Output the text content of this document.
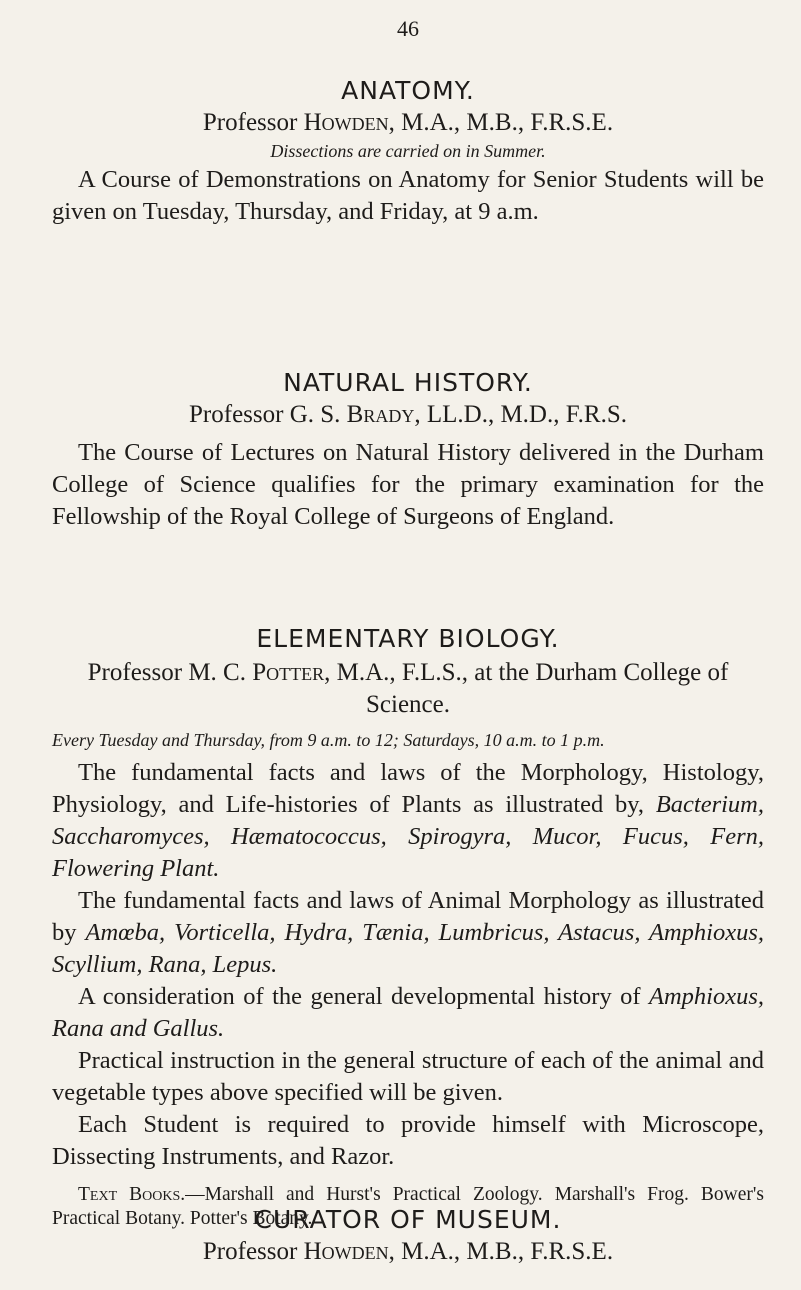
46
ANATOMY.

Professor Howden, M.A., M.B., F.R.S.E.

Dissections are carried on in Summer.

A Course of Demonstrations on Anatomy for Senior Students will be given on Tuesday, Thursday, and Friday, at 9 a.m.

NATURAL HISTORY.

Professor G. S. Brady, LL.D., M.D., F.R.S.

The Course of Lectures on Natural History delivered in the Durham College of Science qualifies for the primary examination for the Fellowship of the Royal College of Surgeons of England.

ELEMENTARY BIOLOGY.

Professor M. C. Potter, M.A., F.L.S., at the Durham College of Science.

Every Tuesday and Thursday, from 9 a.m. to 12; Saturdays, 10 a.m. to 1 p.m.

The fundamental facts and laws of the Morphology, Histology, Physiology, and Life-histories of Plants as illustrated by, Bacterium, Saccharomyces, Hæmatococcus, Spirogyra, Mucor, Fucus, Fern, Flowering Plant.

The fundamental facts and laws of Animal Morphology as illustrated by Amœba, Vorticella, Hydra, Tænia, Lumbricus, Astacus, Amphioxus, Scyllium, Rana, Lepus.

A consideration of the general developmental history of Amphioxus, Rana and Gallus.

Practical instruction in the general structure of each of the animal and vegetable types above specified will be given.

Each Student is required to provide himself with Microscope, Dissecting Instruments, and Razor.

Text Books.—Marshall and Hurst's Practical Zoology. Marshall's Frog. Bower's Practical Botany. Potter's Botany.

CURATOR OF MUSEUM.

Professor Howden, M.A., M.B., F.R.S.E.
